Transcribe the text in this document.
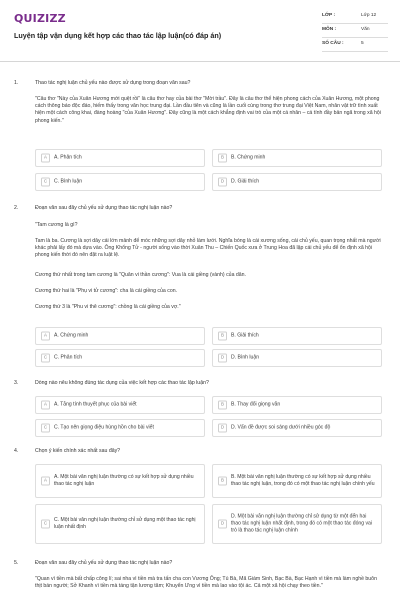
QUIZIZZ
Luyện tập vận dụng kết hợp các thao tác lập luận(có đáp án)
LỚP :	Lớp 12
MÔN :	Văn
SỐ CÂU :	5
1.	Thao tác nghị luận chủ yếu nào được sử dụng trong đoạn văn sau?
"Câu thơ "Này của Xuân Hương mới quệt rồi" là câu thơ hay của bài thơ "Mời trầu". Đây là câu thơ thể hiện phong cách của Xuân Hương, một phong cách thông báo độc đáo, hiếm thấy trong văn học trung đại. Lần đầu tiên và cũng là lần cuối cùng trong thơ trung đại Việt Nam, nhân vật trữ tình xuất hiện một cách công khai, đàng hoàng "của Xuân Hương". Đây cũng là một cách khẳng định vai trò của một cá nhân – cá tính đầy bản ngã trong xã hội phong kiến."
A	A. Phân tích	B	B. Chứng minh
C	C. Bình luận	D	D. Giải thích
2.	Đoạn văn sau đây chủ yếu sử dụng thao tác nghị luận nào?
"Tam cương là gì?
Tam là ba. Cương là sợi dây cái lớn mảnh để móc những sợi dây nhỏ làm lưới. Nghĩa bóng là cái xương sống, cái chủ yếu, quan trọng nhất mà người khác phải lấy đó mà dựa vào. Ông Khổng Tử - người sống vào thời Xuân Thu – Chiến Quốc xưa ở Trung Hoa đã lập cái chủ yếu để ổn định xã hội phong kiến thời đó nên đặt ra luật lệ.
Cương thứ nhất trong tam cương là "Quân vi thần cương": Vua là cái giềng (vành) của dân.
Cương thứ hai là "Phụ vi tử cương": cha là cái giềng của con.
Cương thứ 3 là "Phu vi thê cương": chồng là cái giềng của vợ."
A	A. Chứng minh	B	B. Giải thích
C	C. Phân tích	D	D. Bình luận
3.	Dòng nào nêu không đúng tác dụng của việc kết hợp các thao tác lập luận?
A	A. Tăng tính thuyết phục của bài viết	B	B. Thay đổi giọng văn
C	C. Tạo nên giọng điệu hùng hồn cho bài viết	D	D. Vấn đề được soi sáng dưới nhiều góc độ
4.	Chọn ý kiến chính xác nhất sau đây?
A
A. Một bài văn nghị luận thường có sự kết hợp sử dụng nhiều thao tác nghị luận
B
B. Một bài văn nghị luận thường có sự kết hợp sử dụng nhiều thao tác nghị luận, trong đó có một thao tác nghị luận chính yếu
C
C. Một bài văn nghị luận thường chỉ sử dụng một thao tác nghị luận nhất định
D
D. Một bài văn nghị luận thường chỉ sử dụng từ một đến hai thao tác nghị luận nhất định, trong đó có một thao tác đóng vai trò là thao tác nghị luận chính
5.	Đoạn văn sau đây chủ yếu sử dụng thao tác nghị luận nào?
"Quan vì tiền mà bất chấp công lí; sai nha vì tiền mà tra tấn cha con Vương Ông; Tú Bà, Mã Giám Sinh, Bạc Bà, Bạc Hạnh vì tiền mà làm nghề buôn thịt bán người; Sở Khanh vì tiền mà táng tận lương tâm; Khuyển Ưng vì tiền mà lao vào tội ác. Cả một xã hội chạy theo tiền."
